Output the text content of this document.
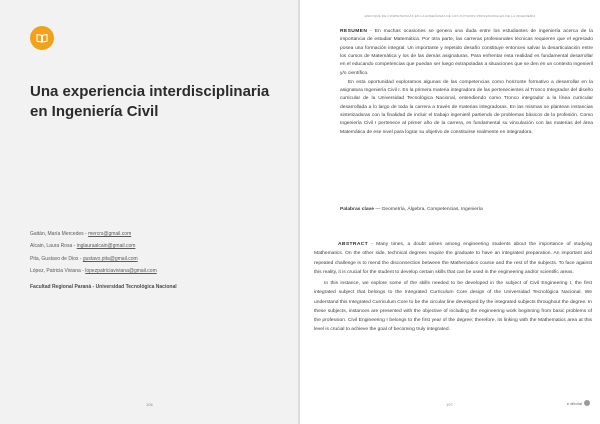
Una experiencia interdisciplinaria en Ingeniería Civil
Gaitán, María Mercedes - mercrs@gmail.com
Alcain, Laura Rosa - inglauraalcain@gmail.com
Pita, Gustavo de Dios - gustavo.pita@gmail.com
López, Patricia Viviana - lopezpatriciaviviana@gmail.com
Facultad Regional Paraná - Universidad Tecnológica Nacional
106
ENFOQUE DE COMPETENCIAS EN LA ENSEÑANZA DE LOS FUTUROS PROFESIONALES DE LA INGENIERÍA

RESUMEN - En muchas ocasiones se genera una duda entre los estudiantes de ingeniería acerca de la importancia de estudiar Matemática. Por otra parte, las carreras profesionales técnicas requieren que el egresado posea una formación integral. Un importante y repetido desafío constituye entonces salvar la desarticulación entre los cursos de Matemática y los de las demás asignaturas. Para enfrentar esta realidad es fundamental desarrollar en el educando competencias que puedan ser luego extrapoladas a situaciones que se den en un contexto ingenieril y/o científico.

En esta oportunidad exploramos algunas de las competencias como horizonte formativo a desarrollar en la asignatura Ingeniería Civil I. Es la primera materia integradora de las pertenecientes al Tronco Integrador del diseño curricular de la Universidad Tecnológica Nacional, entendiendo como Tronco integrador a la línea curricular desarrollada a lo largo de toda la carrera a través de materias integradoras. En las mismas se plantean instancias sintetizadoras con la finalidad de incluir el trabajo ingenieril partiendo de problemas básicos de la profesión. Como Ingeniería Civil I pertenece al primer año de la carrera, es fundamental su vinculación con las materias del área Matemática de ese nivel para lograr su objetivo de constituirse realmente en integradora.

Palabras clave — Geometría, Álgebra, Competencias, Ingeniería

ABSTRACT - Many times, a doubt arises among engineering students about the importance of studying Mathematics. On the other side, technical degrees require the graduate to have an integrated preparation. An important and repeated challenge is to mend the disconnection between the Mathematics course and the rest of the subjects. To face against this reality, it is crucial for the student to develop certain skills that can be used in the engineering and/or scientific areas.

In this instance, we explore some of the skills needed to be developed in the subject of Civil Engineering I, the first integrated subject that belongs to the Integrated Curriculum Core design of the Universidad Tecnológica Nacional. We understand this Integrated Curriculum Core to be the circular line developed by the integrated subjects throughout the degree. In these subjects, instances are presented with the objective of including the engineering work beginning from basic problems of the profession. Civil Engineering I belongs to the first year of the degree; therefore, its linking with the Mathematics area at this level is crucial to achieve the goal of becoming truly integrated.

107	e ditorial
